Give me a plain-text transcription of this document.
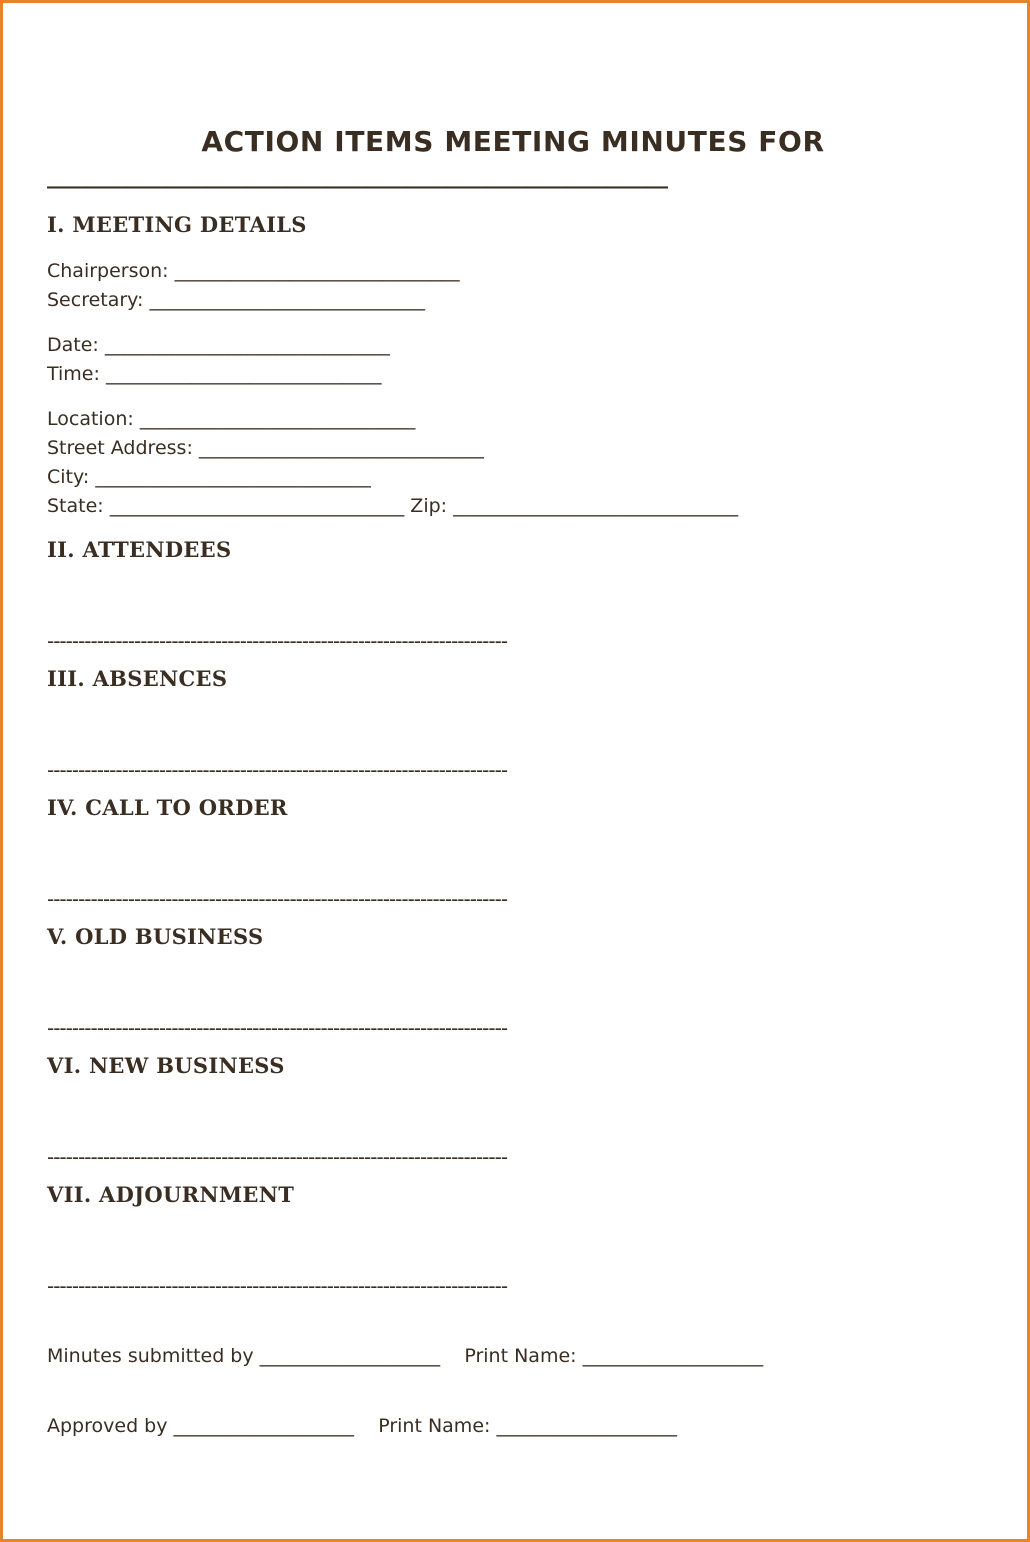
ACTION ITEMS MEETING MINUTES FOR
______________________________________________________________
I. MEETING DETAILS
Chairperson: ______________________________
Secretary: _____________________________
Date: ______________________________
Time: _____________________________
Location: _____________________________
Street Address: ______________________________
City: _____________________________
State: _______________________________ Zip: ______________________________
II. ATTENDEES
--------------------------------------------------------------------------
III. ABSENCES
--------------------------------------------------------------------------
IV. CALL TO ORDER
--------------------------------------------------------------------------
V. OLD BUSINESS
--------------------------------------------------------------------------
VI. NEW BUSINESS
--------------------------------------------------------------------------
VII. ADJOURNMENT
--------------------------------------------------------------------------
Minutes submitted by ___________________ Print Name: ___________________
Approved by ___________________ Print Name: ___________________
